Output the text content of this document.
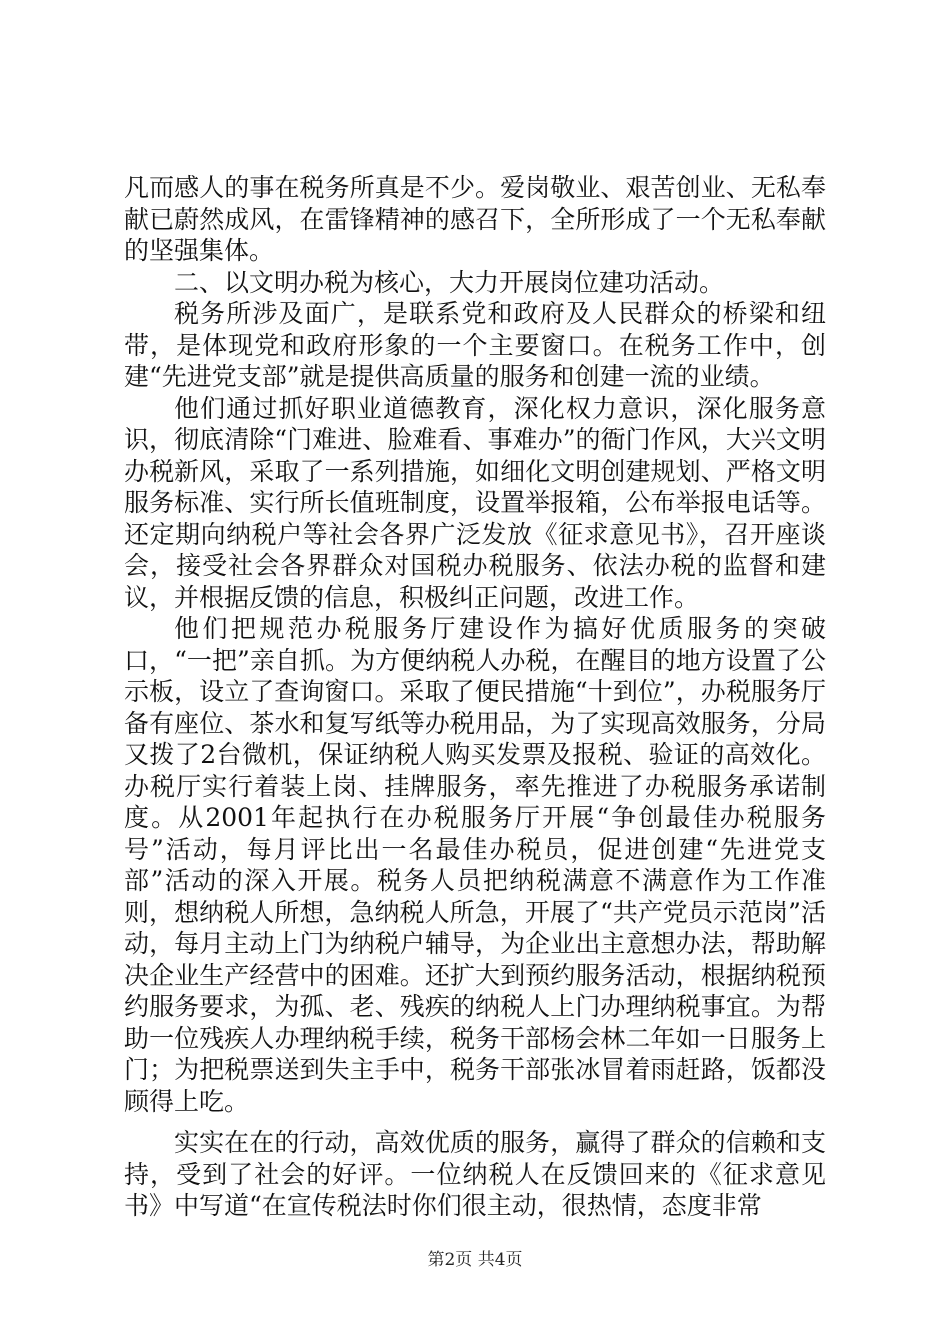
凡而感人的事在税务所真是不少。爱岗敬业、艰苦创业、无私奉献已蔚然成风，在雷锋精神的感召下，全所形成了一个无私奉献的坚强集体。

二、以文明办税为核心，大力开展岗位建功活动。

税务所涉及面广，是联系党和政府及人民群众的桥梁和纽带，是体现党和政府形象的一个主要窗口。在税务工作中，创建“先进党支部”就是提供高质量的服务和创建一流的业绩。

他们通过抓好职业道德教育，深化权力意识，深化服务意识，彻底清除“门难进、脸难看、事难办”的衙门作风，大兴文明办税新风，采取了一系列措施，如细化文明创建规划、严格文明服务标准、实行所长值班制度，设置举报箱，公布举报电话等。还定期向纳税户等社会各界广泛发放《征求意见书》，召开座谈会，接受社会各界群众对国税办税服务、依法办税的监督和建议，并根据反馈的信息，积极纠正问题，改进工作。

他们把规范办税服务厅建设作为搞好优质服务的突破口，“一把”亲自抓。为方便纳税人办税，在醒目的地方设置了公示板，设立了查询窗口。采取了便民措施“十到位”，办税服务厅备有座位、茶水和复写纸等办税用品，为了实现高效服务，分局又拨了2台微机，保证纳税人购买发票及报税、验证的高效化。办税厅实行着装上岗、挂牌服务，率先推进了办税服务承诺制度。从2001年起执行在办税服务厅开展“争创最佳办税服务号”活动，每月评比出一名最佳办税员，促进创建“先进党支部”活动的深入开展。税务人员把纳税满意不满意作为工作准则，想纳税人所想，急纳税人所急，开展了“共产党员示范岗”活动，每月主动上门为纳税户辅导，为企业出主意想办法，帮助解决企业生产经营中的困难。还扩大到预约服务活动，根据纳税预约服务要求，为孤、老、残疾的纳税人上门办理纳税事宜。为帮助一位残疾人办理纳税手续，税务干部杨会林二年如一日服务上门；为把税票送到失主手中，税务干部张冰冒着雨赶路，饭都没顾得上吃。

实实在在的行动，高效优质的服务，赢得了群众的信赖和支持，受到了社会的好评。一位纳税人在反馈回来的《征求意见书》中写道“在宣传税法时你们很主动，很热情，态度非常

第2页 共4页
